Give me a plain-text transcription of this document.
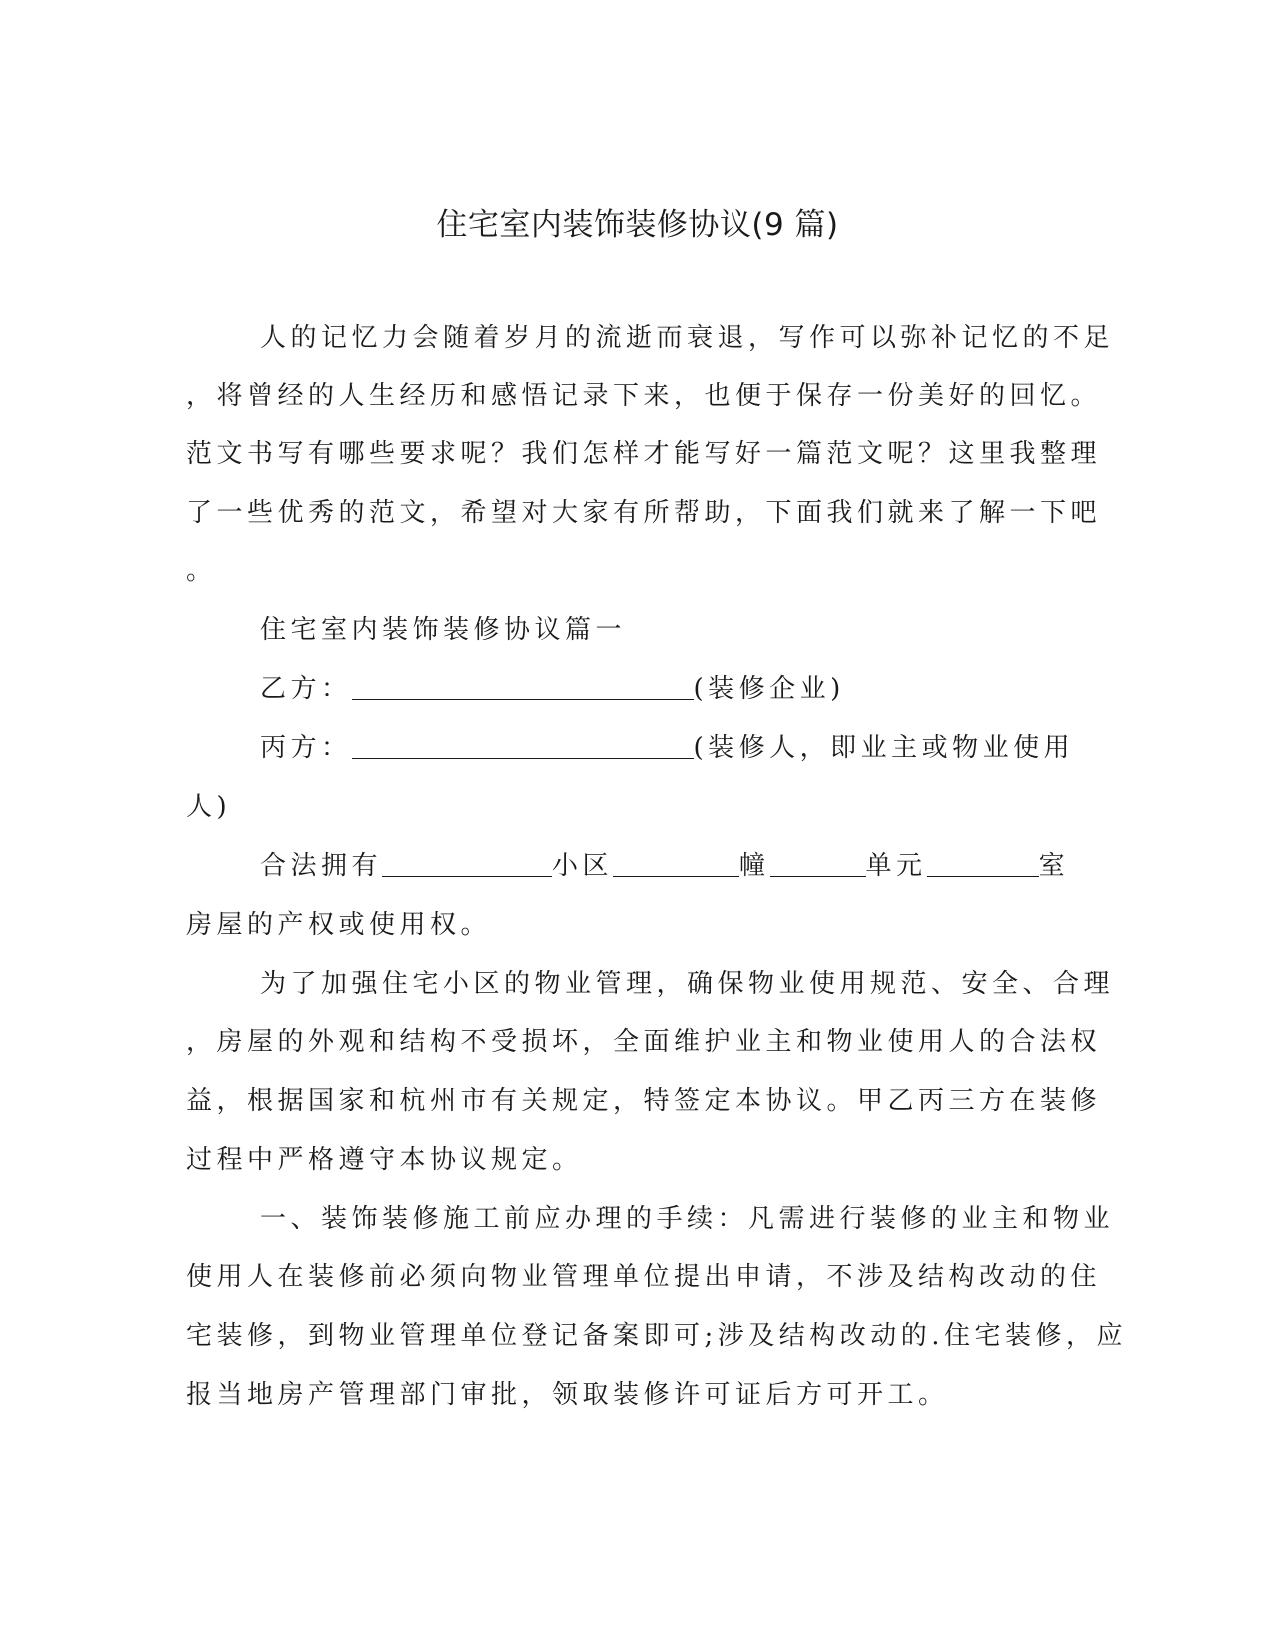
住宅室内装饰装修协议(9 篇)
人的记忆力会随着岁月的流逝而衰退，写作可以弥补记忆的不足
，将曾经的人生经历和感悟记录下来，也便于保存一份美好的回忆。
范文书写有哪些要求呢？我们怎样才能写好一篇范文呢？这里我整理
了一些优秀的范文，希望对大家有所帮助，下面我们就来了解一下吧
。
住宅室内装饰装修协议篇一
乙方：	(装修企业)
丙方：	(装修人，即业主或物业使用
人)
合法拥有	小区	幢	单元	室
房屋的产权或使用权。
为了加强住宅小区的物业管理，确保物业使用规范、安全、合理
，房屋的外观和结构不受损坏，全面维护业主和物业使用人的合法权
益，根据国家和杭州市有关规定，特签定本协议。甲乙丙三方在装修
过程中严格遵守本协议规定。
一、装饰装修施工前应办理的手续：凡需进行装修的业主和物业
使用人在装修前必须向物业管理单位提出申请，不涉及结构改动的住
宅装修，到物业管理单位登记备案即可;涉及结构改动的.住宅装修，应
报当地房产管理部门审批，领取装修许可证后方可开工。
